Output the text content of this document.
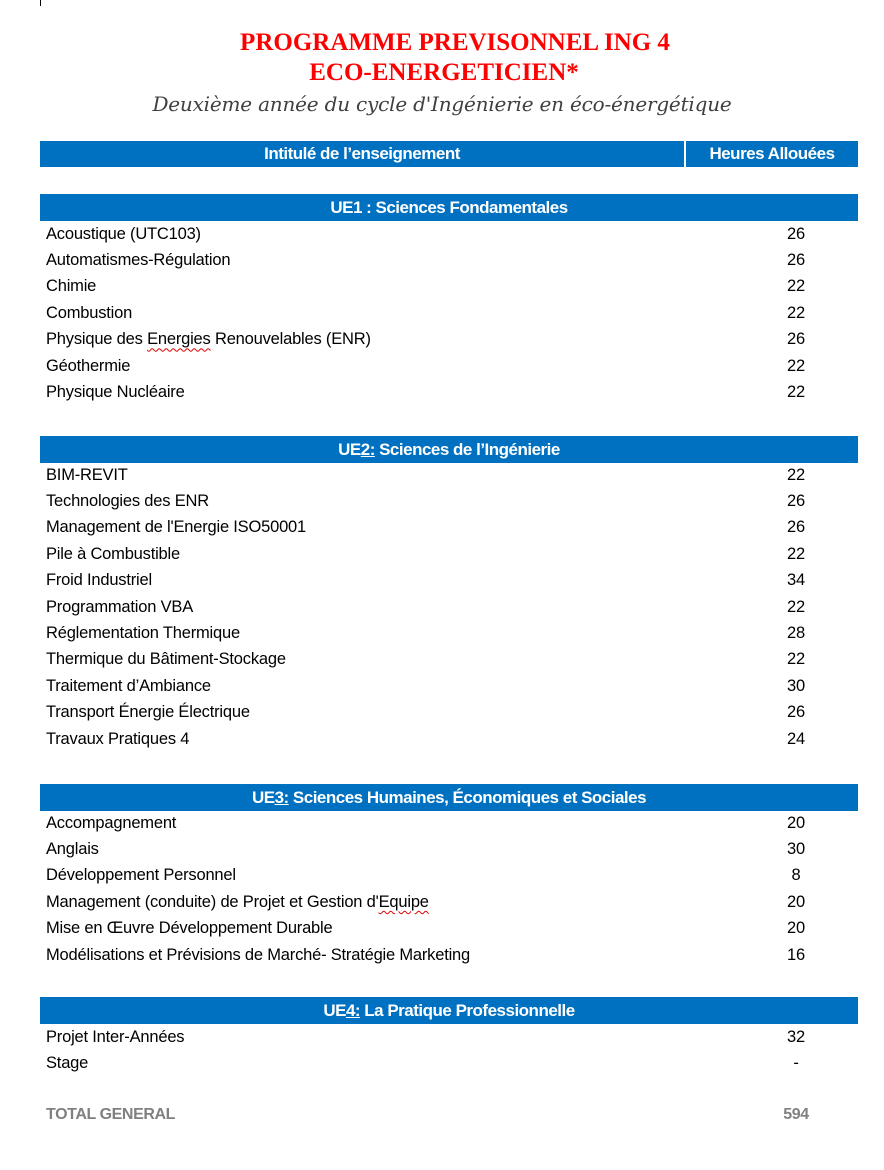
PROGRAMME PREVISONNEL ING 4

ECO-ENERGETICIEN*

Deuxième année du cycle d'Ingénierie en éco-énergétique

Intitulé de l’enseignement	Heures Allouées
UE1 : Sciences Fondamentales
Acoustique (UTC103)	26
Automatismes-Régulation	26
Chimie	22
Combustion	22
Physique des Energies Renouvelables (ENR)	26
Géothermie	22
Physique Nucléaire	22
UE 2: Sciences de l’Ingénierie
BIM-REVIT	22
Technologies des ENR	26
Management de l'Energie ISO50001	26
Pile à Combustible	22
Froid Industriel	34
Programmation VBA	22
Réglementation Thermique	28
Thermique du Bâtiment-Stockage	22
Traitement d’Ambiance	30
Transport Énergie Électrique	26
Travaux Pratiques 4	24
UE 3: Sciences Humaines, Économiques et Sociales
Accompagnement	20
Anglais	30
Développement Personnel	8
Management (conduite) de Projet et Gestion d'Equipe	20
Mise en Œuvre Développement Durable	20
Modélisations et Prévisions de Marché- Stratégie Marketing	16
UE 4: La Pratique Professionnelle
Projet Inter-Années	32
Stage	-
TOTAL GENERAL	594
